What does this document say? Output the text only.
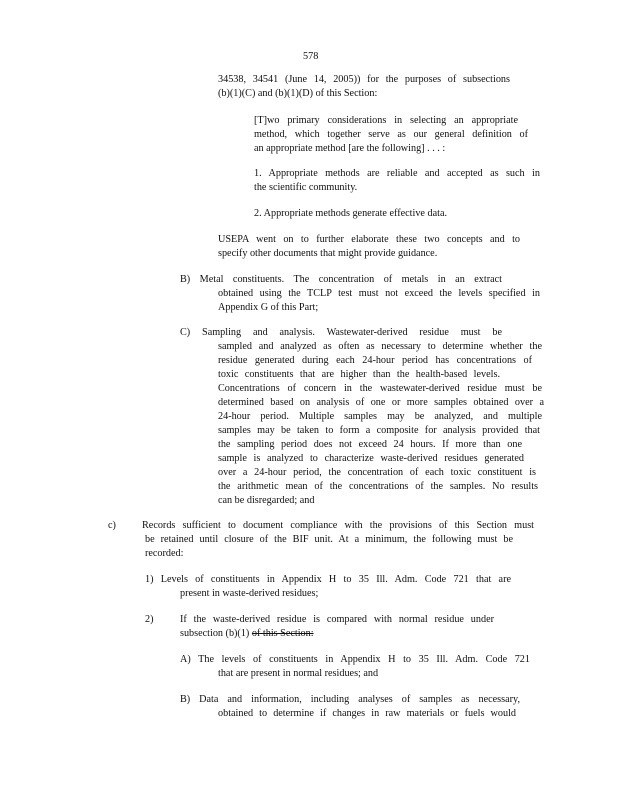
578
34538, 34541 (June 14, 2005)) for the purposes of subsections
(b)(1)(C) and (b)(1)(D) of this Section:
[T]wo primary considerations in selecting an appropriate
method, which together serve as our general definition of
an appropriate method [are the following] . . . :
1. Appropriate methods are reliable and accepted as such in
the scientific community.
2. Appropriate methods generate effective data.
USEPA went on to further elaborate these two concepts and to
specify other documents that might provide guidance.
B) Metal constituents. The concentration of metals in an extract
obtained using the TCLP test must not exceed the levels specified in
Appendix G of this Part;
C) Sampling and analysis. Wastewater-derived residue must be
sampled and analyzed as often as necessary to determine whether the
residue generated during each 24-hour period has concentrations of
toxic constituents that are higher than the health-based levels.
Concentrations of concern in the wastewater-derived residue must be
determined based on analysis of one or more samples obtained over a
24-hour period. Multiple samples may be analyzed, and multiple
samples may be taken to form a composite for analysis provided that
the sampling period does not exceed 24 hours. If more than one
sample is analyzed to characterize waste-derived residues generated
over a 24-hour period, the concentration of each toxic constituent is
the arithmetic mean of the concentrations of the samples. No results
can be disregarded; and
c)	Records sufficient to document compliance with the provisions of this Section must
be retained until closure of the BIF unit. At a minimum, the following must be
recorded:
1) Levels of constituents in Appendix H to 35 Ill. Adm. Code 721 that are
present in waste-derived residues;
2)	If the waste-derived residue is compared with normal residue under
subsection (b)(1) of this Section:
A) The levels of constituents in Appendix H to 35 Ill. Adm. Code 721
that are present in normal residues; and
B) Data and information, including analyses of samples as necessary,
obtained to determine if changes in raw materials or fuels would
